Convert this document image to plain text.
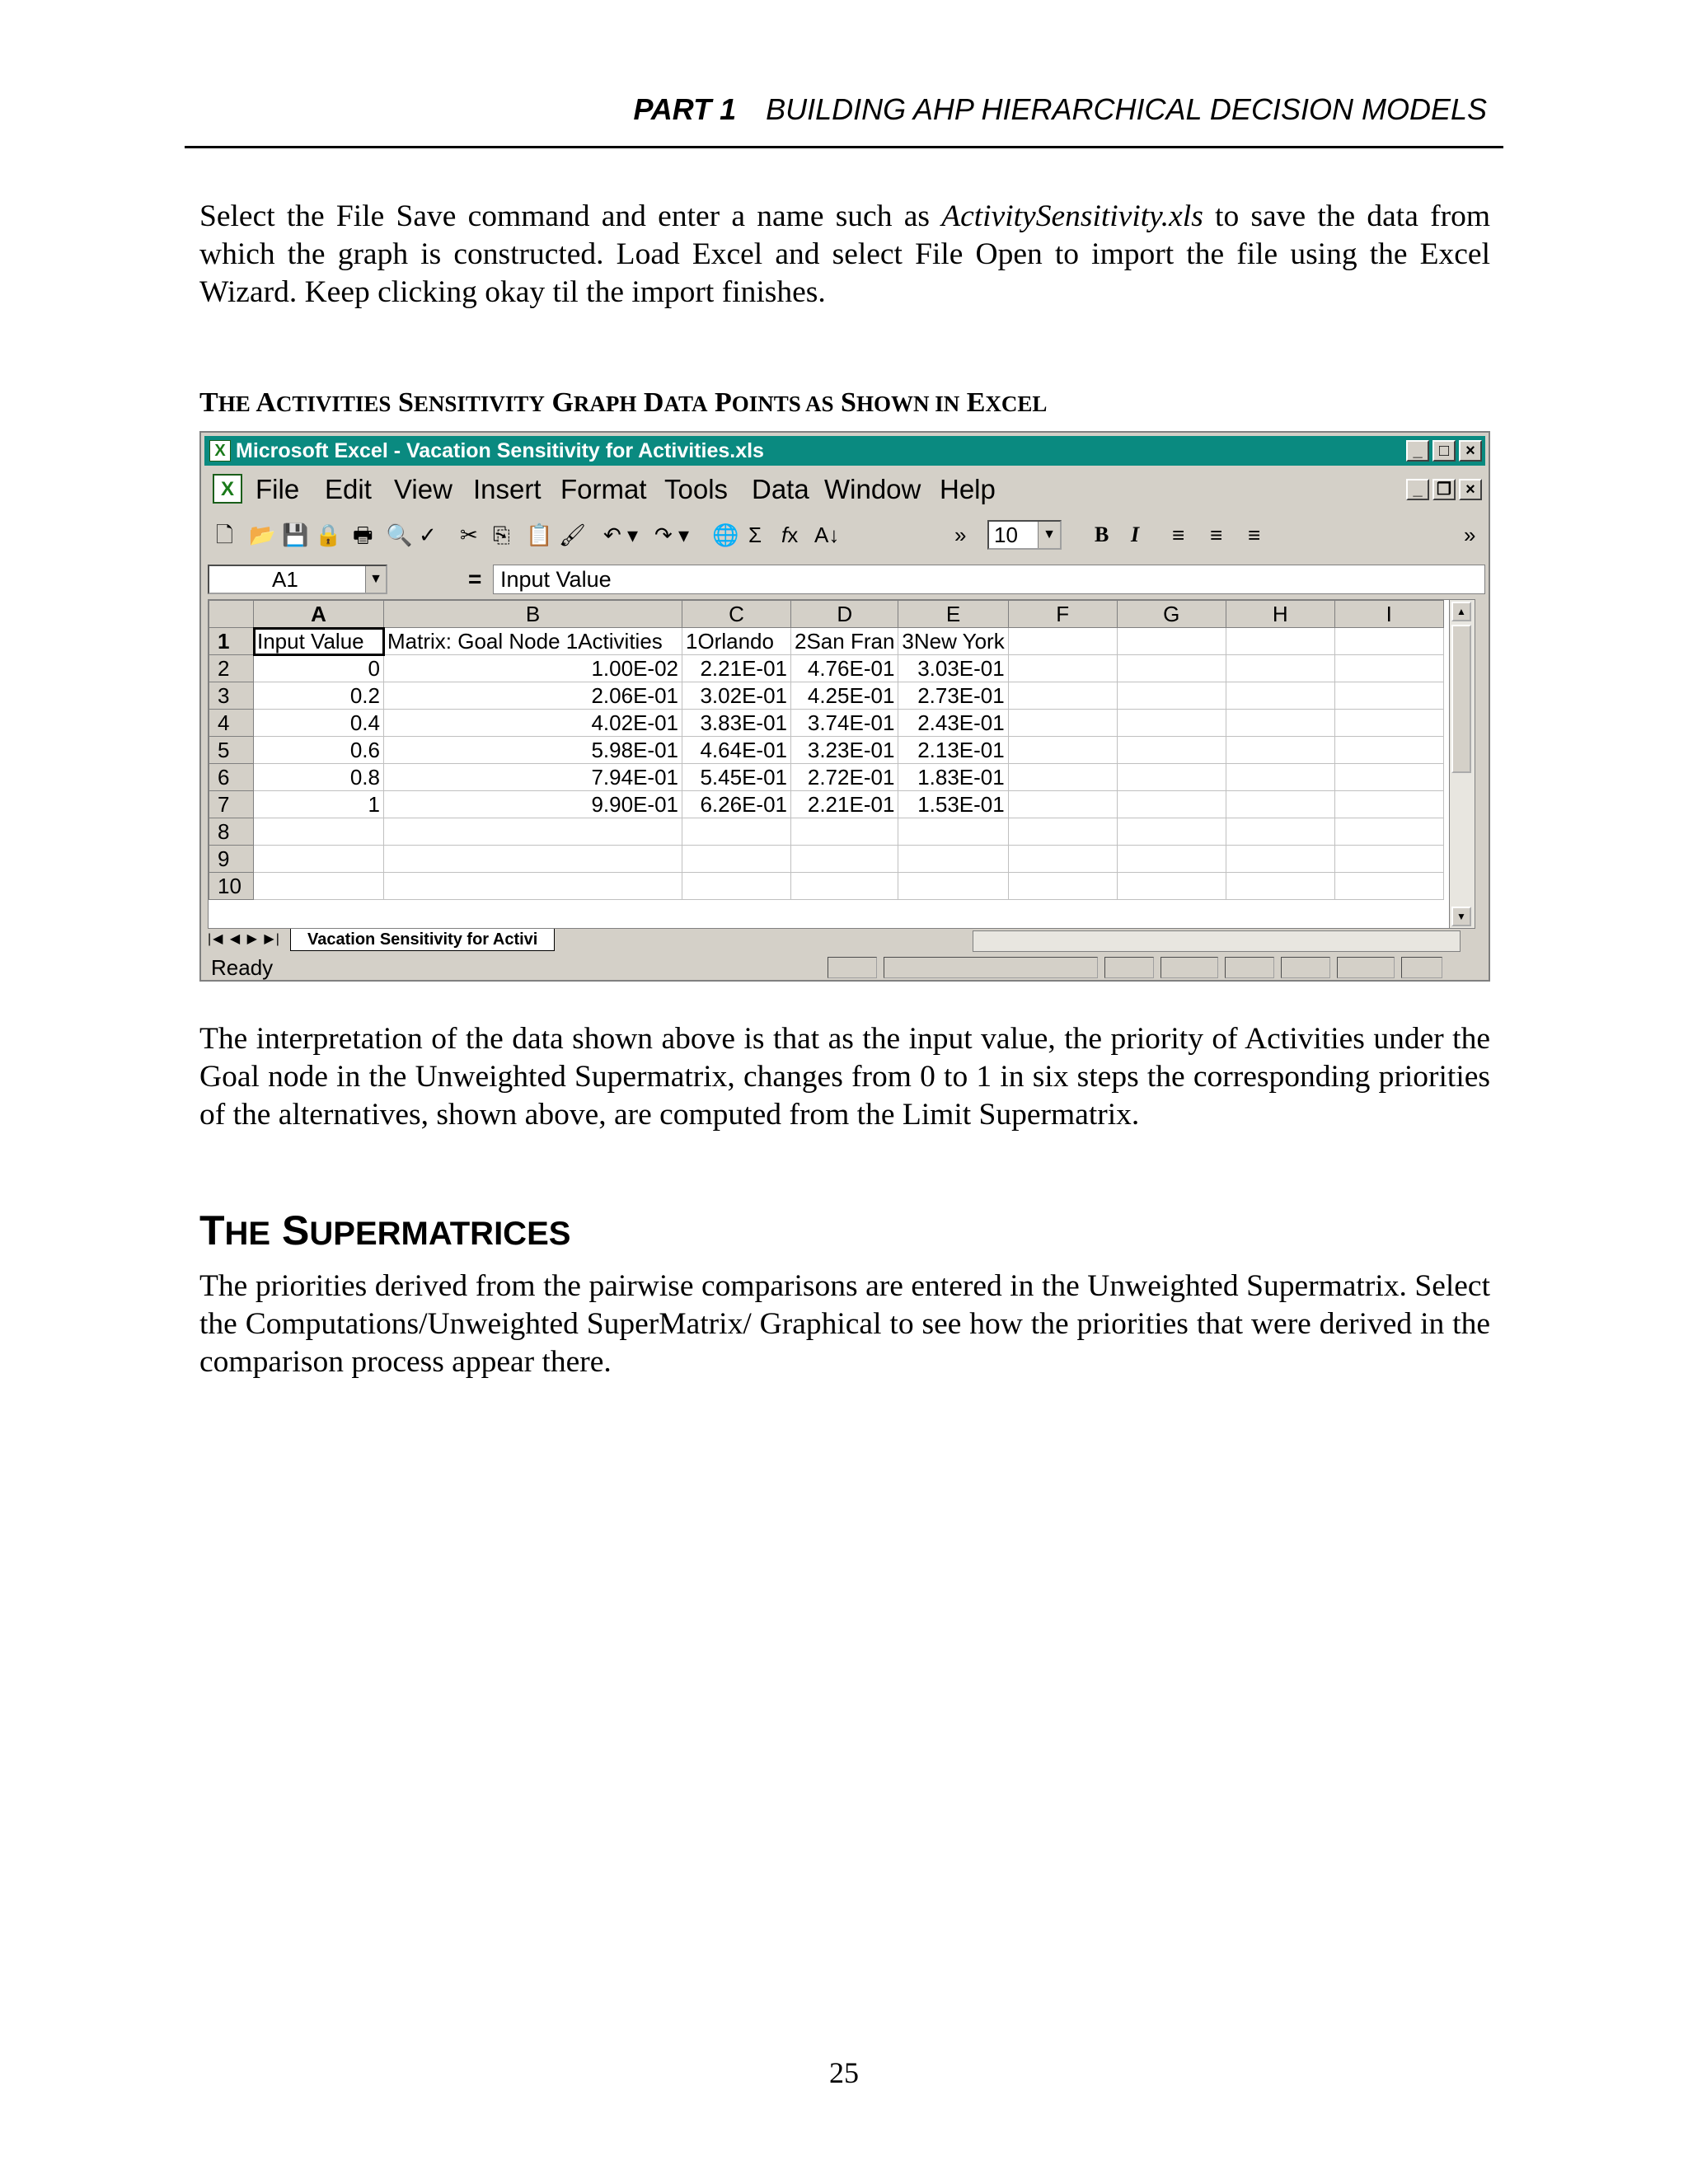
PART 1 BUILDING AHP HIERARCHICAL DECISION MODELS

Select the File Save command and enter a name such as ActivitySensitivity.xls to save the data from which the graph is constructed. Load Excel and select File Open to import the file using the Excel Wizard. Keep clicking okay til the import finishes.

THE ACTIVITIES SENSITIVITY GRAPH DATA POINTS AS SHOWN IN EXCEL
X Microsoft Excel - Vacation Sensitivity for Activities.xls	_	□	×
X File Edit View Insert Format Tools Data Window Help	_ ❐ ×
🗋 📂 💾 🔒 🖶 🔍 ✓ ✂ ⎘ 📋 🖌 ↶ ▾ ↷ ▾ 🌐 Σ fx A↓	»	10	▼ B I ≡ ≡ ≡	»
A1	▼	= Input Value
	A	B	C	D	E	F	G	H	I
1	Input Value	Matrix: Goal Node 1Activities	1Orlando	2San Fran	3New York				
2	0	1.00E-02	2.21E-01	4.76E-01	3.03E-01				
3	0.2	2.06E-01	3.02E-01	4.25E-01	2.73E-01				
4	0.4	4.02E-01	3.83E-01	3.74E-01	2.43E-01				
5	0.6	5.98E-01	4.64E-01	3.23E-01	2.13E-01				
6	0.8	7.94E-01	5.45E-01	2.72E-01	1.83E-01				
7	1	9.90E-01	6.26E-01	2.21E-01	1.53E-01				
8									
9									
10									
▲
▼
|◀ ◀ ▶ ▶|	Vacation Sensitivity for Activi
Ready

The interpretation of the data shown above is that as the input value, the priority of Activities under the Goal node in the Unweighted Supermatrix, changes from 0 to 1 in six steps the corresponding priorities of the alternatives, shown above, are computed from the Limit Supermatrix.

THE SUPERMATRICES

The priorities derived from the pairwise comparisons are entered in the Unweighted Supermatrix. Select the Computations/Unweighted SuperMatrix/ Graphical to see how the priorities that were derived in the comparison process appear there.

25
